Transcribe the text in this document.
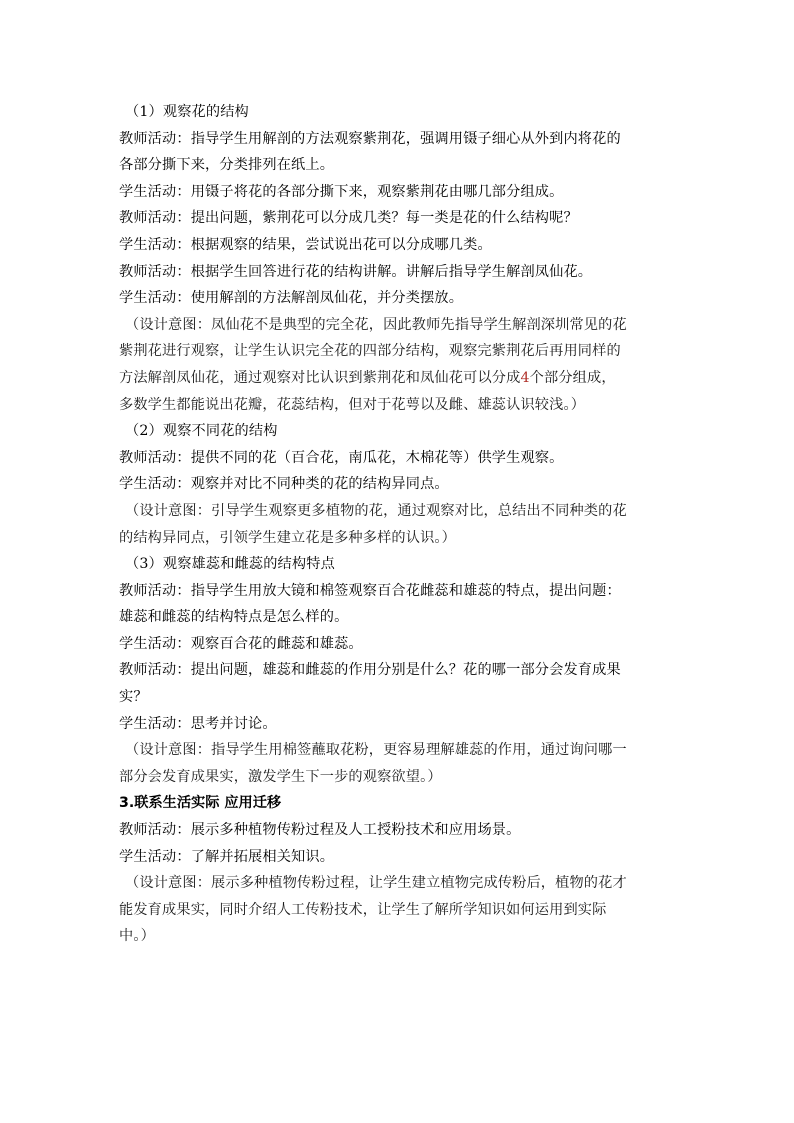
（1）观察花的结构
教师活动：指导学生用解剖的方法观察紫荆花，强调用镊子细心从外到内将花的
各部分撕下来，分类排列在纸上。
学生活动：用镊子将花的各部分撕下来，观察紫荆花由哪几部分组成。
教师活动：提出问题，紫荆花可以分成几类？每一类是花的什么结构呢？
学生活动：根据观察的结果，尝试说出花可以分成哪几类。
教师活动：根据学生回答进行花的结构讲解。讲解后指导学生解剖凤仙花。
学生活动：使用解剖的方法解剖凤仙花，并分类摆放。
（设计意图：凤仙花不是典型的完全花，因此教师先指导学生解剖深圳常见的花
紫荆花进行观察，让学生认识完全花的四部分结构，观察完紫荆花后再用同样的
方法解剖凤仙花，通过观察对比认识到紫荆花和凤仙花可以分成4个部分组成，
多数学生都能说出花瓣，花蕊结构，但对于花萼以及雌、雄蕊认识较浅。）
（2）观察不同花的结构
教师活动：提供不同的花（百合花，南瓜花，木棉花等）供学生观察。
学生活动：观察并对比不同种类的花的结构异同点。
（设计意图：引导学生观察更多植物的花，通过观察对比，总结出不同种类的花
的结构异同点，引领学生建立花是多种多样的认识。）
（3）观察雄蕊和雌蕊的结构特点
教师活动：指导学生用放大镜和棉签观察百合花雌蕊和雄蕊的特点，提出问题：
雄蕊和雌蕊的结构特点是怎么样的。
学生活动：观察百合花的雌蕊和雄蕊。
教师活动：提出问题，雄蕊和雌蕊的作用分别是什么？花的哪一部分会发育成果
实？
学生活动：思考并讨论。
（设计意图：指导学生用棉签蘸取花粉，更容易理解雄蕊的作用，通过询问哪一
部分会发育成果实，激发学生下一步的观察欲望。）
3.联系生活实际 应用迁移
教师活动：展示多种植物传粉过程及人工授粉技术和应用场景。
学生活动：了解并拓展相关知识。
（设计意图：展示多种植物传粉过程，让学生建立植物完成传粉后，植物的花才
能发育成果实，同时介绍人工传粉技术，让学生了解所学知识如何运用到实际
中。）
